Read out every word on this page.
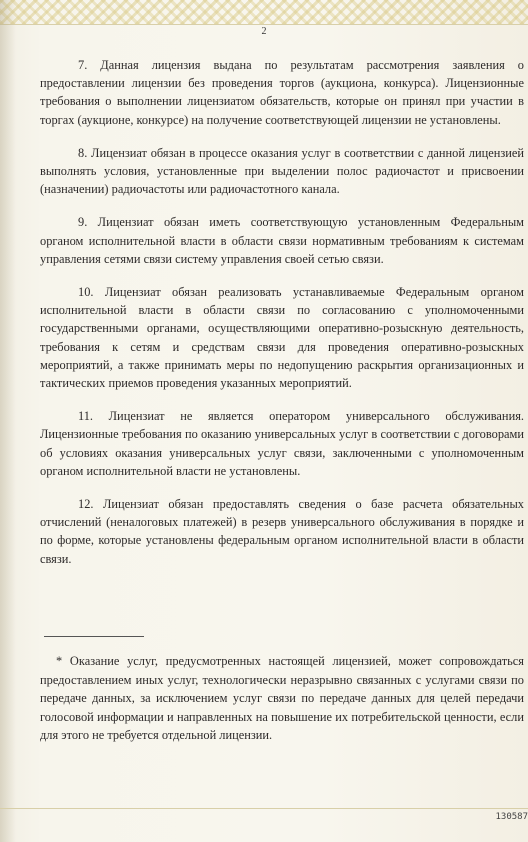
2

7. Данная лицензия выдана по результатам рассмотрения заявления о предоставлении лицензии без проведения торгов (аукциона, конкурса). Лицензионные требования о выполнении лицензиатом обязательств, которые он принял при участии в торгах (аукционе, конкурсе) на получение соответствующей лицензии не установлены.

8. Лицензиат обязан в процессе оказания услуг в соответствии с данной лицензией выполнять условия, установленные при выделении полос радиочастот и присвоении (назначении) радиочастоты или радиочастотного канала.

9. Лицензиат обязан иметь соответствующую установленным Федеральным органом исполнительной власти в области связи нормативным требованиям к системам управления сетями связи систему управления своей сетью связи.

10. Лицензиат обязан реализовать устанавливаемые Федеральным органом исполнительной власти в области связи по согласованию с уполномоченными государственными органами, осуществляющими оперативно-розыскную деятельность, требования к сетям и средствам связи для проведения оперативно-розыскных мероприятий, а также принимать меры по недопущению раскрытия организационных и тактических приемов проведения указанных мероприятий.

11. Лицензиат не является оператором универсального обслуживания. Лицензионные требования по оказанию универсальных услуг в соответствии с договорами об условиях оказания универсальных услуг связи, заключенными с уполномоченным органом исполнительной власти не установлены.

12. Лицензиат обязан предоставлять сведения о базе расчета обязательных отчислений (неналоговых платежей) в резерв универсального обслуживания в порядке и по форме, которые установлены федеральным органом исполнительной власти в области связи.

* Оказание услуг, предусмотренных настоящей лицензией, может сопровождаться предоставлением иных услуг, технологически неразрывно связанных с услугами связи по передаче данных, за исключением услуг связи по передаче данных для целей передачи голосовой информации и направленных на повышение их потребительской ценности, если для этого не требуется отдельной лицензии.

130587
